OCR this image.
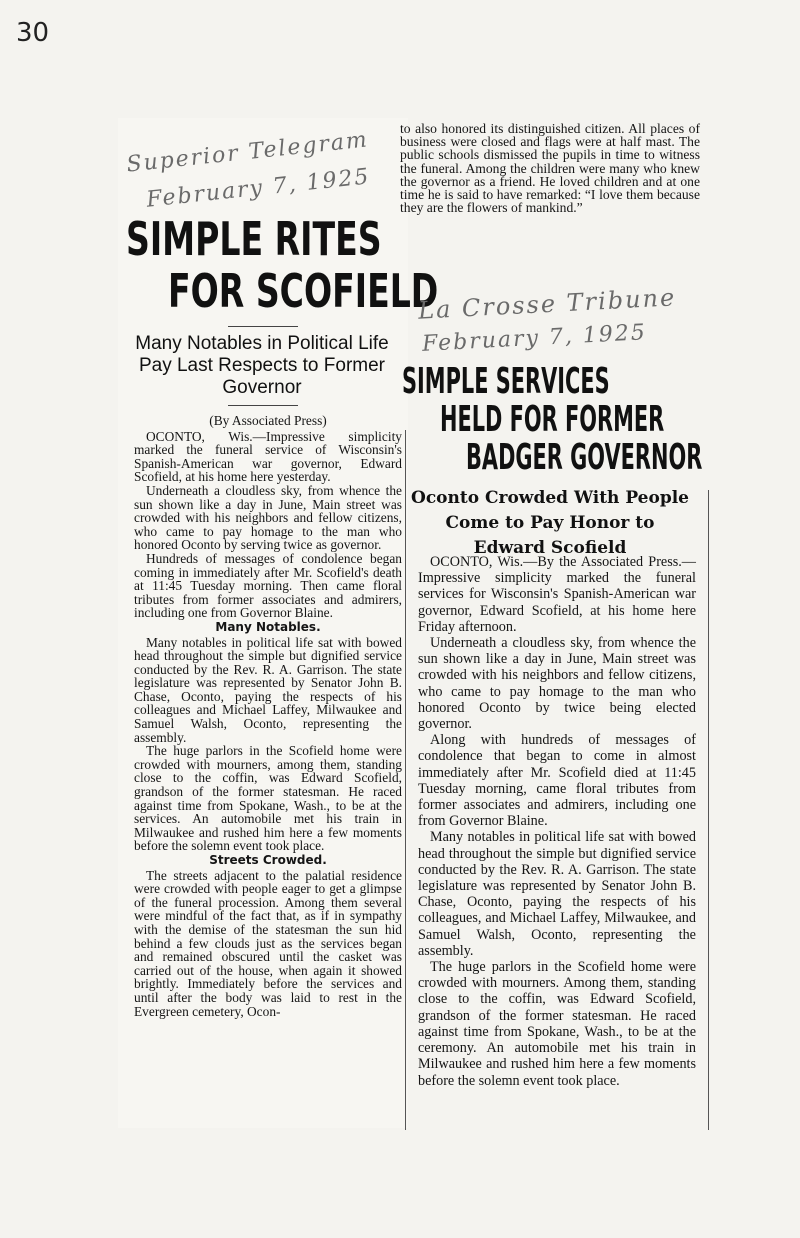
30
Superior Telegram
February 7, 1925
SIMPLE RITES
FOR SCOFIELD
Many Notables in Political Life Pay Last Respects to Former Governor

(By Associated Press)

OCONTO, Wis.—Impressive simplicity marked the funeral service of Wisconsin's Spanish-American war governor, Edward Scofield, at his home here yesterday.

Underneath a cloudless sky, from whence the sun shown like a day in June, Main street was crowded with his neighbors and fellow citizens, who came to pay homage to the man who honored Oconto by serving twice as governor.

Hundreds of messages of condolence began coming in immediately after Mr. Scofield's death at 11:45 Tuesday morning. Then came floral tributes from former associates and admirers, including one from Governor Blaine.

Many Notables.

Many notables in political life sat with bowed head throughout the simple but dignified service conducted by the Rev. R. A. Garrison. The state legislature was represented by Senator John B. Chase, Oconto, paying the respects of his colleagues and Michael Laffey, Milwaukee and Samuel Walsh, Oconto, representing the assembly.

The huge parlors in the Scofield home were crowded with mourners, among them, standing close to the coffin, was Edward Scofield, grandson of the former statesman. He raced against time from Spokane, Wash., to be at the services. An automobile met his train in Milwaukee and rushed him here a few moments before the solemn event took place.

Streets Crowded.

The streets adjacent to the palatial residence were crowded with people eager to get a glimpse of the funeral procession. Among them several were mindful of the fact that, as if in sympathy with the demise of the statesman the sun hid behind a few clouds just as the services began and remained obscured until the casket was carried out of the house, when again it showed brightly. Immediately before the services and until after the body was laid to rest in the Evergreen cemetery, Ocon-

to also honored its distinguished citizen. All places of business were closed and flags were at half mast. The public schools dismissed the pupils in time to witness the funeral. Among the children were many who knew the governor as a friend. He loved children and at one time he is said to have remarked: “I love them because they are the flowers of mankind.”

La Crosse Tribune
February 7, 1925
SIMPLE SERVICES
HELD FOR FORMER
BADGER GOVERNOR
Oconto Crowded With People
Come to Pay Honor to
Edward Scofield

OCONTO, Wis.—By the Associated Press.—Impressive simplicity marked the funeral services for Wisconsin's Spanish-American war governor, Edward Scofield, at his home here Friday afternoon.

Underneath a cloudless sky, from whence the sun shown like a day in June, Main street was crowded with his neighbors and fellow citizens, who came to pay homage to the man who honored Oconto by twice being elected governor.

Along with hundreds of messages of condolence that began to come in almost immediately after Mr. Scofield died at 11:45 Tuesday morning, came floral tributes from former associates and admirers, including one from Governor Blaine.

Many notables in political life sat with bowed head throughout the simple but dignified service conducted by the Rev. R. A. Garrison. The state legislature was represented by Senator John B. Chase, Oconto, paying the respects of his colleagues, and Michael Laffey, Milwaukee, and Samuel Walsh, Oconto, representing the assembly.

The huge parlors in the Scofield home were crowded with mourners. Among them, standing close to the coffin, was Edward Scofield, grandson of the former statesman. He raced against time from Spokane, Wash., to be at the ceremony. An automobile met his train in Milwaukee and rushed him here a few moments before the solemn event took place.
